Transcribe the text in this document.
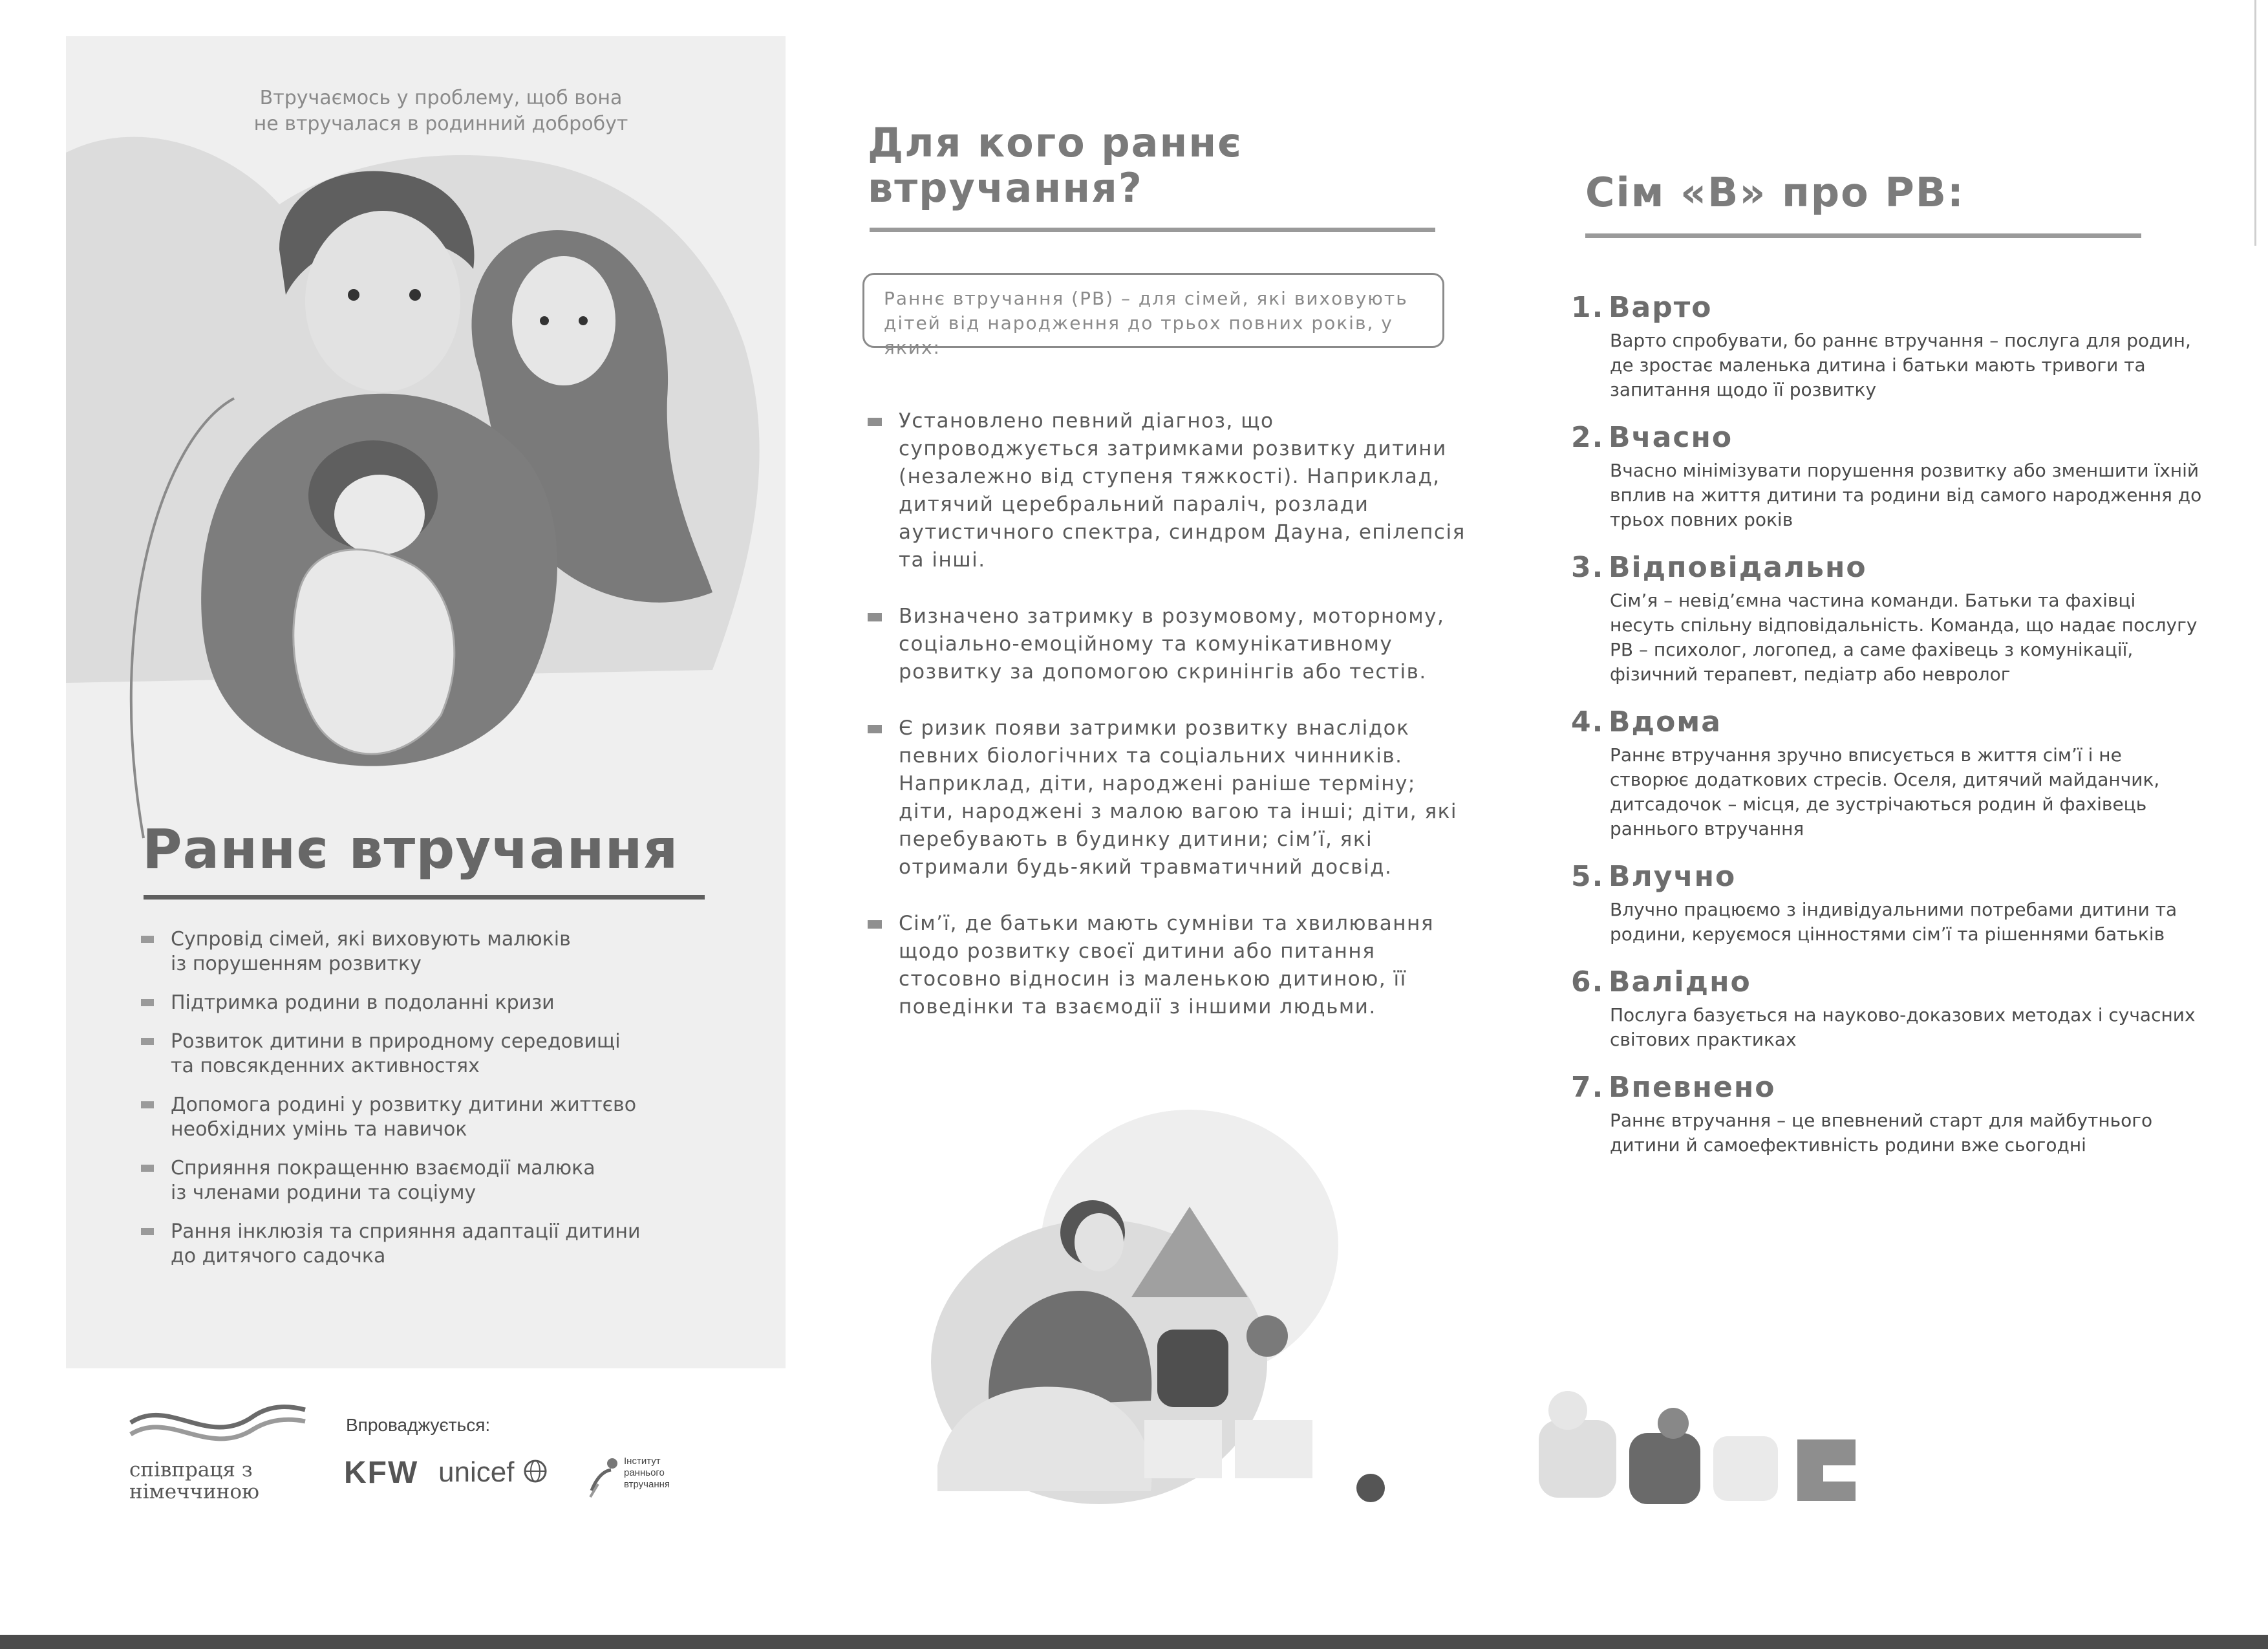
Втручаємось у проблему, щоб вона
не втручалася в родинний добробут
Раннє втручання
Супровід сімей, які виховують малюків
із порушенням розвитку
Підтримка родини в подоланні кризи
Розвиток дитини в природному середовищі
та повсякденних активностях
Допомога родині у розвитку дитини життєво
необхідних умінь та навичок
Сприяння покращенню взаємодії малюка
із членами родини та соціуму
Рання інклюзія та сприяння адаптації дитини
до дитячого садочка
співпраця з
німеччиною
Впроваджується:
KFW unicef	Інститут
раннього
втручання
Для кого раннє
втручання?
Раннє втручання (РВ) – для сімей, які виховують дітей від народження до трьох повних років, у яких:
Установлено певний діагноз, що супроводжується затримками розвитку дитини (незалежно від ступеня тяжкості). Наприклад, дитячий церебральний параліч, розлади аутистичного спектра, синдром Дауна, епілепсія та інші.
Визначено затримку в розумовому, моторному, соціально-емоційному та комунікативному розвитку за допомогою скринінгів або тестів.
Є ризик появи затримки розвитку внаслідок певних біологічних та соціальних чинників. Наприклад, діти, народжені раніше терміну; діти, народжені з малою вагою та інші; діти, які перебувають в будинку дитини; сім’ї, які отримали будь-який травматичний досвід.
Сім’ї, де батьки мають сумніви та хвилювання щодо розвитку своєї дитини або питання стосовно відносин із маленькою дитиною, її поведінки та взаємодії з іншими людьми.
Сім «В» про РВ:
1. Варто
Варто спробувати, бо раннє втручання – послуга для родин, де зростає маленька дитина і батьки мають тривоги та запитання щодо її розвитку
2. Вчасно
Вчасно мінімізувати порушення розвитку або зменшити їхній вплив на життя дитини та родини від самого народження до трьох повних років
3. Відповідально
Сім’я – невід’ємна частина команди. Батьки та фахівці несуть спільну відповідальність. Команда, що надає послугу РВ – психолог, логопед, а саме фахівець з комунікації, фізичний терапевт, педіатр або невролог
4. Вдома
Раннє втручання зручно вписується в життя сім’ї і не створює додаткових стресів. Оселя, дитячий майданчик, дитсадочок – місця, де зустрічаються родин й фахівець раннього втручання
5. Влучно
Влучно працюємо з індивідуальними потребами дитини та родини, керуємося цінностями сім’ї та рішеннями батьків
6. Валідно
Послуга базується на науково-доказових методах і сучасних світових практиках
7. Впевнено
Раннє втручання – це впевнений старт для майбутнього дитини й самоефективність родини вже сьогодні
